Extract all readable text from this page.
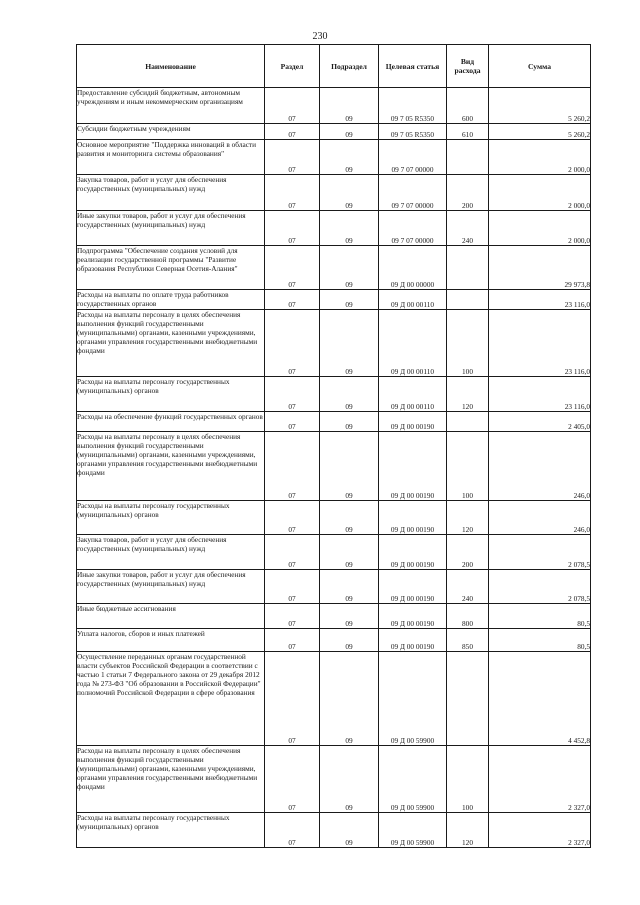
230
Наименование	Раздел	Подраздел	Целевая статья	Вид расхода	Сумма
Предоставление субсидий бюджетным, автономным учреждениям и иным некоммерческим организациям	07	09	09 7 05 R5350	600	5 260,2
Субсидии бюджетным учреждениям	07	09	09 7 05 R5350	610	5 260,2
Основное мероприятие "Поддержка инноваций в области развития и мониторинга системы образования"	07	09	09 7 07 00000		2 000,0
Закупка товаров, работ и услуг для обеспечения государственных (муниципальных) нужд	07	09	09 7 07 00000	200	2 000,0
Иные закупки товаров, работ и услуг для обеспечения государственных (муниципальных) нужд	07	09	09 7 07 00000	240	2 000,0
Подпрограмма "Обеспечение создания условий для реализации государственной программы "Развитие образования Республики Северная Осетия-Алания"	07	09	09 Д 00 00000		29 973,8
Расходы на выплаты по оплате труда работников государственных органов	07	09	09 Д 00 00110		23 116,0
Расходы на выплаты персоналу в целях обеспечения выполнения функций государственными (муниципальными) органами, казенными учреждениями, органами управления государственными внебюджетными фондами	07	09	09 Д 00 00110	100	23 116,0
Расходы на выплаты персоналу государственных (муниципальных) органов	07	09	09 Д 00 00110	120	23 116,0
Расходы на обеспечение функций государственных органов	07	09	09 Д 00 00190		2 405,0
Расходы на выплаты персоналу в целях обеспечения выполнения функций государственными (муниципальными) органами, казенными учреждениями, органами управления государственными внебюджетными фондами	07	09	09 Д 00 00190	100	246,0
Расходы на выплаты персоналу государственных (муниципальных) органов	07	09	09 Д 00 00190	120	246,0
Закупка товаров, работ и услуг для обеспечения государственных (муниципальных) нужд	07	09	09 Д 00 00190	200	2 078,5
Иные закупки товаров, работ и услуг для обеспечения государственных (муниципальных) нужд	07	09	09 Д 00 00190	240	2 078,5
Иные бюджетные ассигнования	07	09	09 Д 00 00190	800	80,5
Уплата налогов, сборов и иных платежей	07	09	09 Д 00 00190	850	80,5
Осуществление переданных органам государственной власти субъектов Российской Федерации в соответствии с частью 1 статьи 7 Федерального закона от 29 декабря 2012 года № 273-ФЗ "Об образовании в Российской Федерации" полномочий Российской Федерации в сфере образования	07	09	09 Д 00 59900		4 452,8
Расходы на выплаты персоналу в целях обеспечения выполнения функций государственными (муниципальными) органами, казенными учреждениями, органами управления государственными внебюджетными фондами	07	09	09 Д 00 59900	100	2 327,0
Расходы на выплаты персоналу государственных (муниципальных) органов	07	09	09 Д 00 59900	120	2 327,0
